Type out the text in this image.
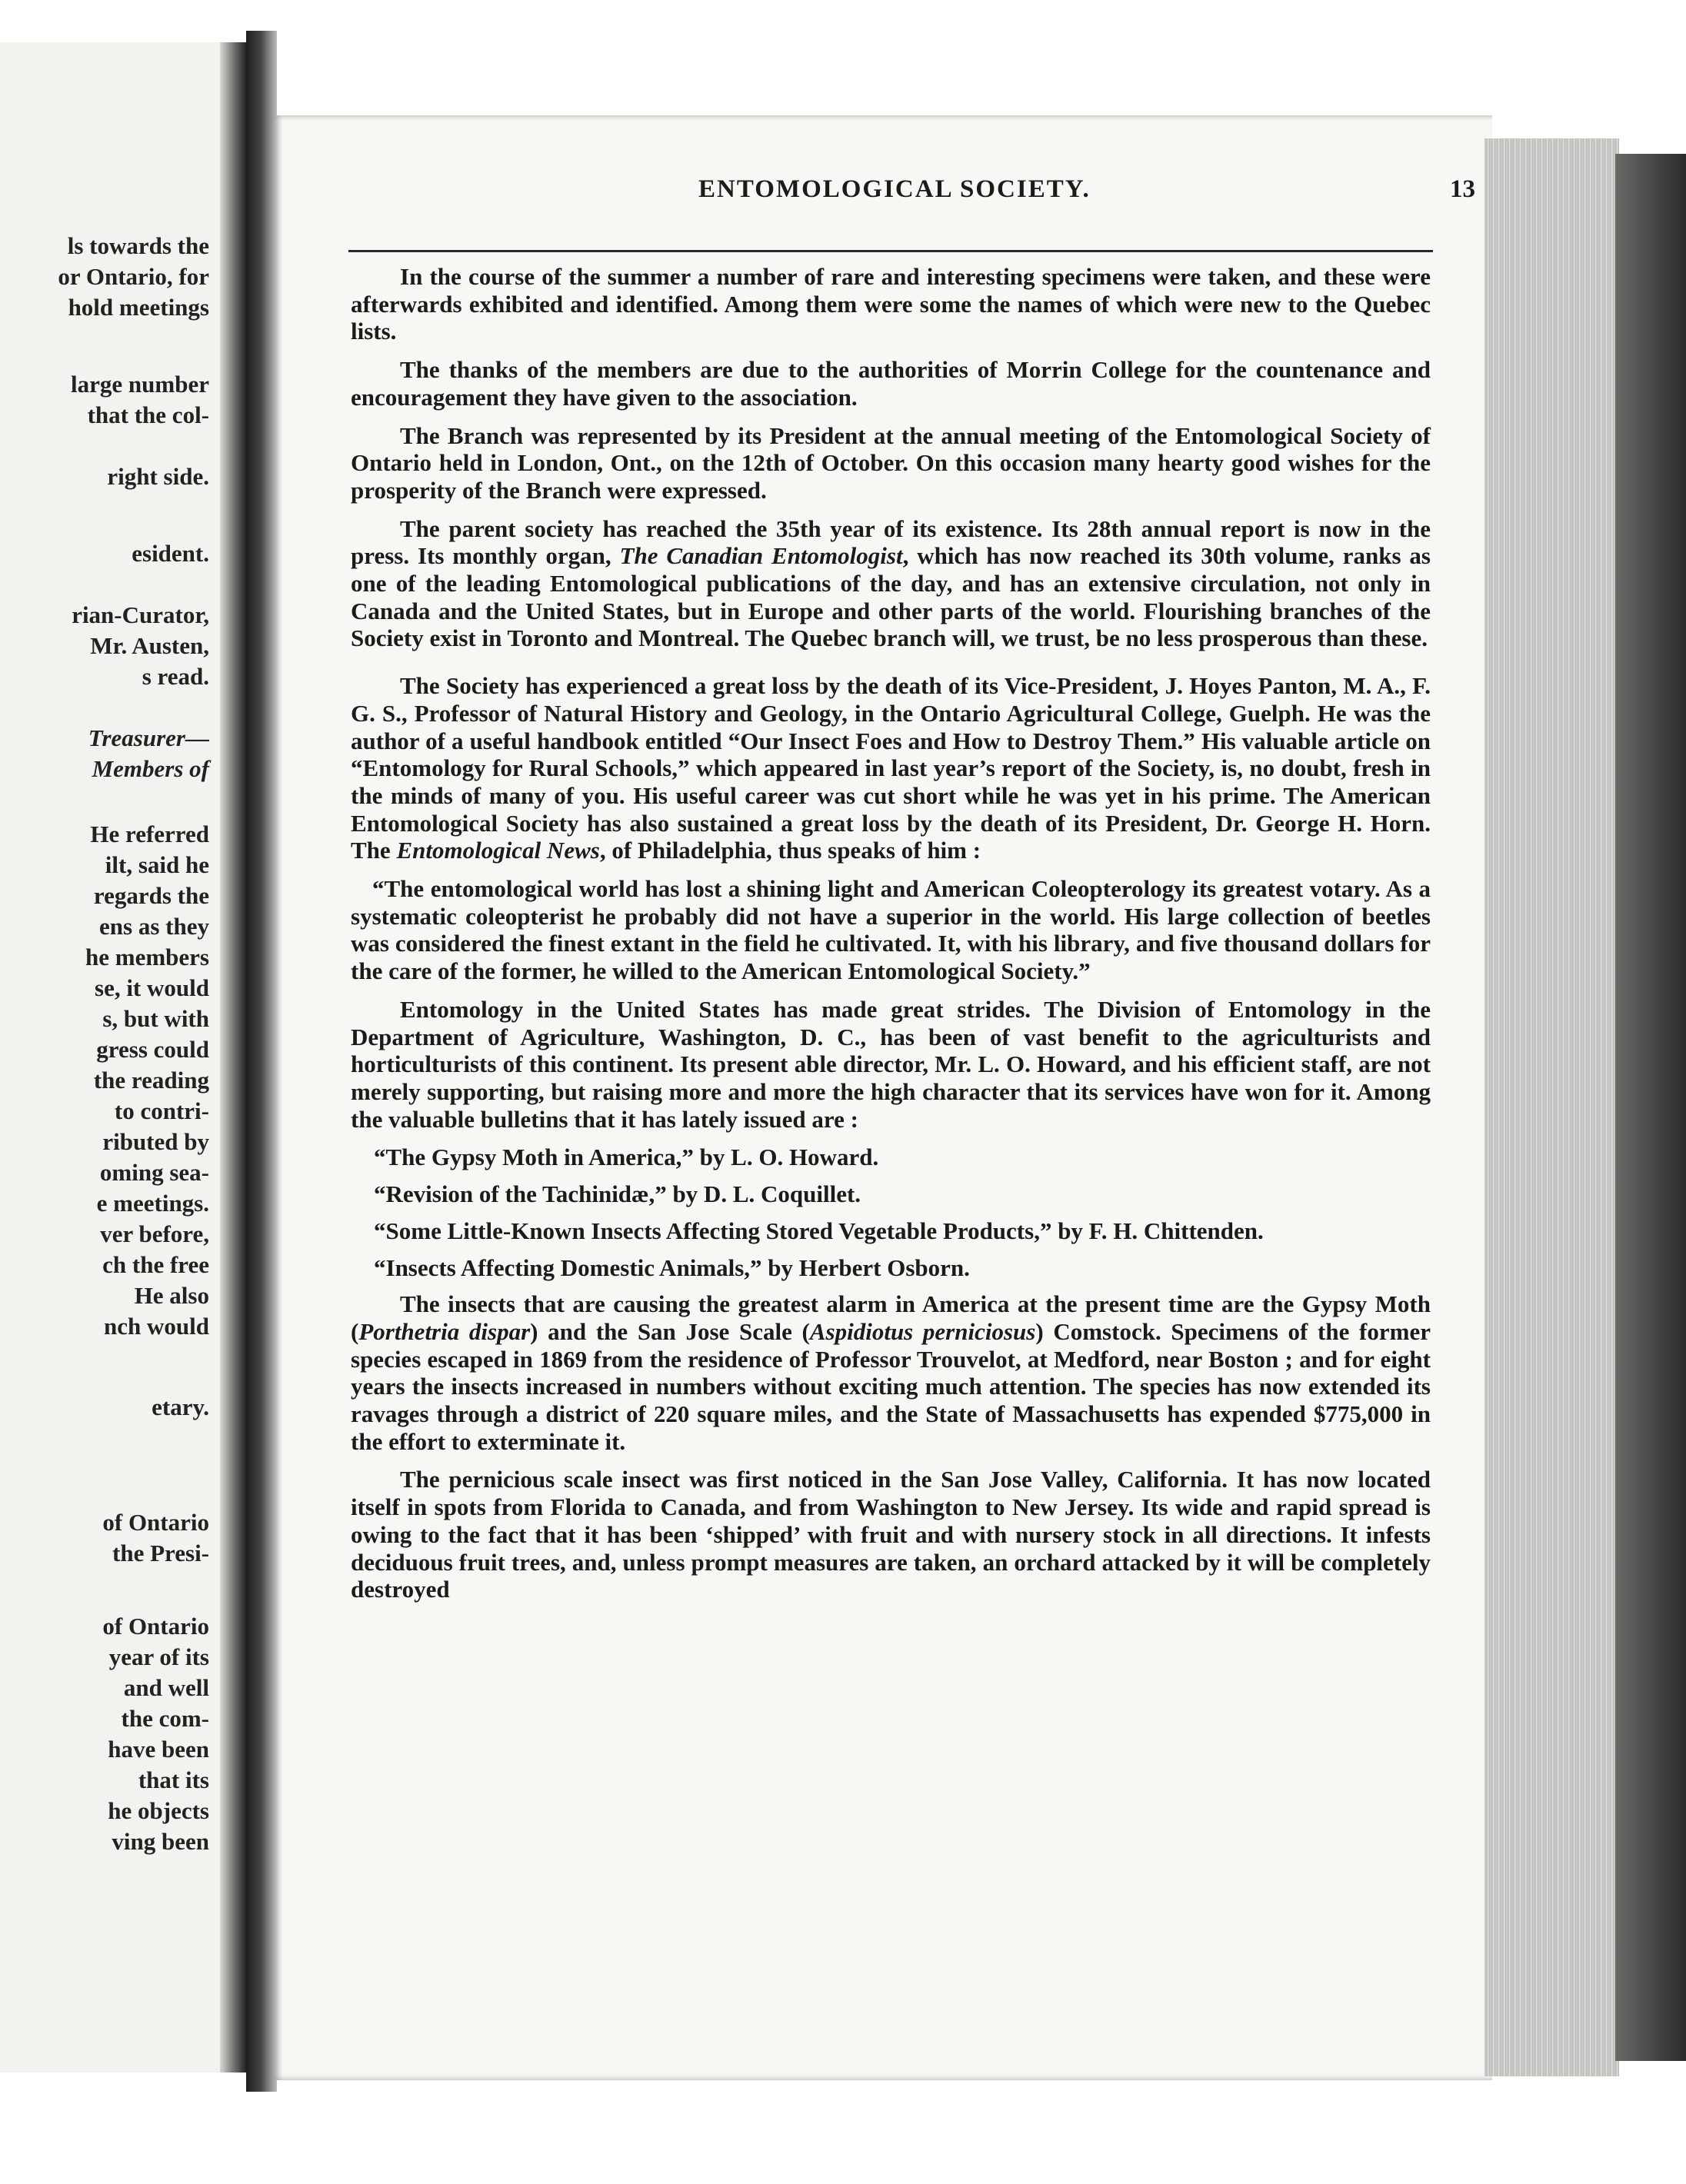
ls towards the
or Ontario, for
hold meetings
large number
that the col-
right side.
esident.
rian-Curator,
Mr. Austen,
s read.
Treasurer—
Members of
He referred
ilt, said he
regards the
ens as they
he members
se, it would
s, but with
gress could
the reading
to contri-
ributed by
oming sea-
e meetings.
ver before,
ch the free
He also
nch would
etary.
of Ontario
the Presi-
of Ontario
year of its
and well
the com-
have been
that its
he objects
ving been
ENTOMOLOGICAL SOCIETY.	13

In the course of the summer a number of rare and interesting specimens were taken, and these were afterwards exhibited and identified. Among them were some the names of which were new to the Quebec lists.

The thanks of the members are due to the authorities of Morrin College for the countenance and encouragement they have given to the association.

The Branch was represented by its President at the annual meeting of the Entomological Society of Ontario held in London, Ont., on the 12th of October. On this occasion many hearty good wishes for the prosperity of the Branch were expressed.

The parent society has reached the 35th year of its existence. Its 28th annual report is now in the press. Its monthly organ, The Canadian Entomologist, which has now reached its 30th volume, ranks as one of the leading Entomological publications of the day, and has an extensive circulation, not only in Canada and the United States, but in Europe and other parts of the world. Flourishing branches of the Society exist in Toronto and Montreal. The Quebec branch will, we trust, be no less prosperous than these.

The Society has experienced a great loss by the death of its Vice-President, J. Hoyes Panton, M. A., F. G. S., Professor of Natural History and Geology, in the Ontario Agricultural College, Guelph. He was the author of a useful handbook entitled “Our Insect Foes and How to Destroy Them.” His valuable article on “Entomology for Rural Schools,” which appeared in last year’s report of the Society, is, no doubt, fresh in the minds of many of you. His useful career was cut short while he was yet in his prime. The American Entomological Society has also sustained a great loss by the death of its President, Dr. George H. Horn. The Entomological News, of Philadelphia, thus speaks of him :

“The entomological world has lost a shining light and American Coleopterology its greatest votary. As a systematic coleopterist he probably did not have a superior in the world. His large collection of beetles was considered the finest extant in the field he cultivated. It, with his library, and five thousand dollars for the care of the former, he willed to the American Entomological Society.”

Entomology in the United States has made great strides. The Division of Entomology in the Department of Agriculture, Washington, D. C., has been of vast benefit to the agriculturists and horticulturists of this continent. Its present able director, Mr. L. O. Howard, and his efficient staff, are not merely supporting, but raising more and more the high character that its services have won for it. Among the valuable bulletins that it has lately issued are :

“The Gypsy Moth in America,” by L. O. Howard.
“Revision of the Tachinidæ,” by D. L. Coquillet.
“Some Little-Known Insects Affecting Stored Vegetable Products,” by F. H. Chittenden.
“Insects Affecting Domestic Animals,” by Herbert Osborn.

The insects that are causing the greatest alarm in America at the present time are the Gypsy Moth (Porthetria dispar) and the San Jose Scale (Aspidiotus perniciosus) Comstock. Specimens of the former species escaped in 1869 from the residence of Professor Trouvelot, at Medford, near Boston ; and for eight years the insects increased in numbers without exciting much attention. The species has now extended its ravages through a district of 220 square miles, and the State of Massachusetts has expended $775,000 in the effort to exterminate it.

The pernicious scale insect was first noticed in the San Jose Valley, California. It has now located itself in spots from Florida to Canada, and from Washington to New Jersey. Its wide and rapid spread is owing to the fact that it has been ‘shipped’ with fruit and with nursery stock in all directions. It infests deciduous fruit trees, and, unless prompt measures are taken, an orchard attacked by it will be completely destroyed
